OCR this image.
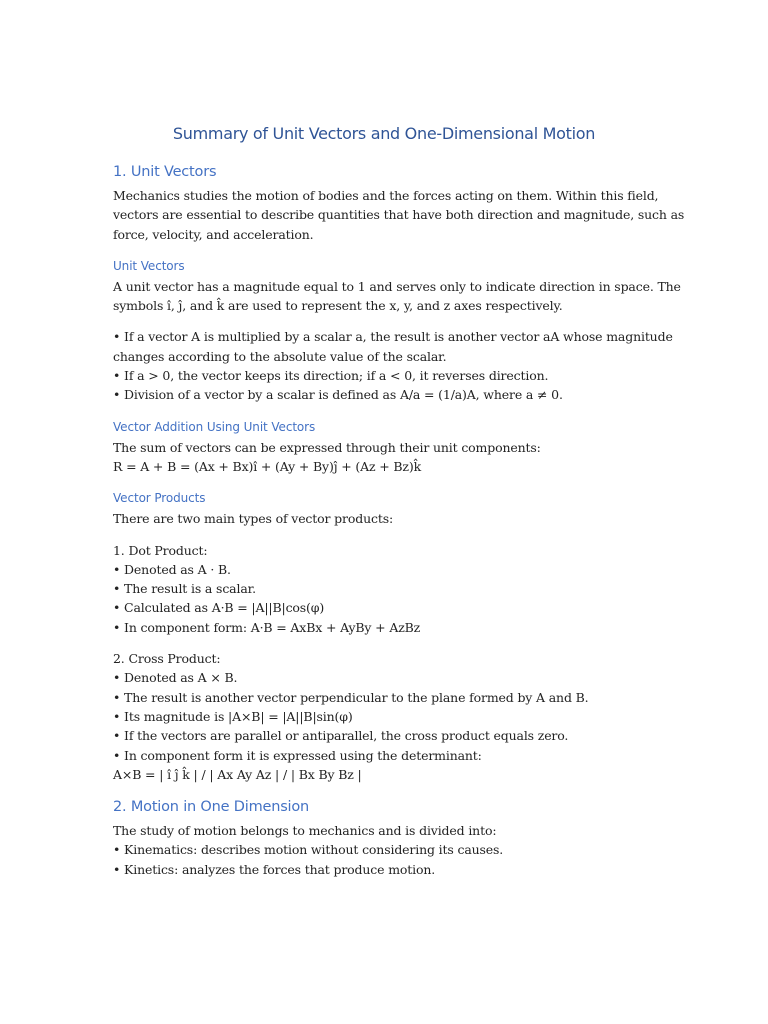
Summary of Unit Vectors and One-Dimensional Motion
1. Unit Vectors

Mechanics studies the motion of bodies and the forces acting on them. Within this field,
vectors are essential to describe quantities that have both direction and magnitude, such as
force, velocity, and acceleration.

Unit Vectors

A unit vector has a magnitude equal to 1 and serves only to indicate direction in space. The
symbols î, ĵ, and k̂ are used to represent the x, y, and z axes respectively.

• If a vector A is multiplied by a scalar a, the result is another vector aA whose magnitude
changes according to the absolute value of the scalar.
• If a > 0, the vector keeps its direction; if a < 0, it reverses direction.
• Division of a vector by a scalar is defined as A/a = (1/a)A, where a ≠ 0.

Vector Addition Using Unit Vectors

The sum of vectors can be expressed through their unit components:
R = A + B = (Ax + Bx)î + (Ay + By)ĵ + (Az + Bz)k̂

Vector Products

There are two main types of vector products:

1. Dot Product:
• Denoted as A · B.
• The result is a scalar.
• Calculated as A·B = |A||B|cos(φ)
• In component form: A·B = AxBx + AyBy + AzBz

2. Cross Product:
• Denoted as A × B.
• The result is another vector perpendicular to the plane formed by A and B.
• Its magnitude is |A×B| = |A||B|sin(φ)
• If the vectors are parallel or antiparallel, the cross product equals zero.
• In component form it is expressed using the determinant:
A×B = | î ĵ k̂ | / | Ax Ay Az | / | Bx By Bz |

2. Motion in One Dimension

The study of motion belongs to mechanics and is divided into:
• Kinematics: describes motion without considering its causes.
• Kinetics: analyzes the forces that produce motion.
